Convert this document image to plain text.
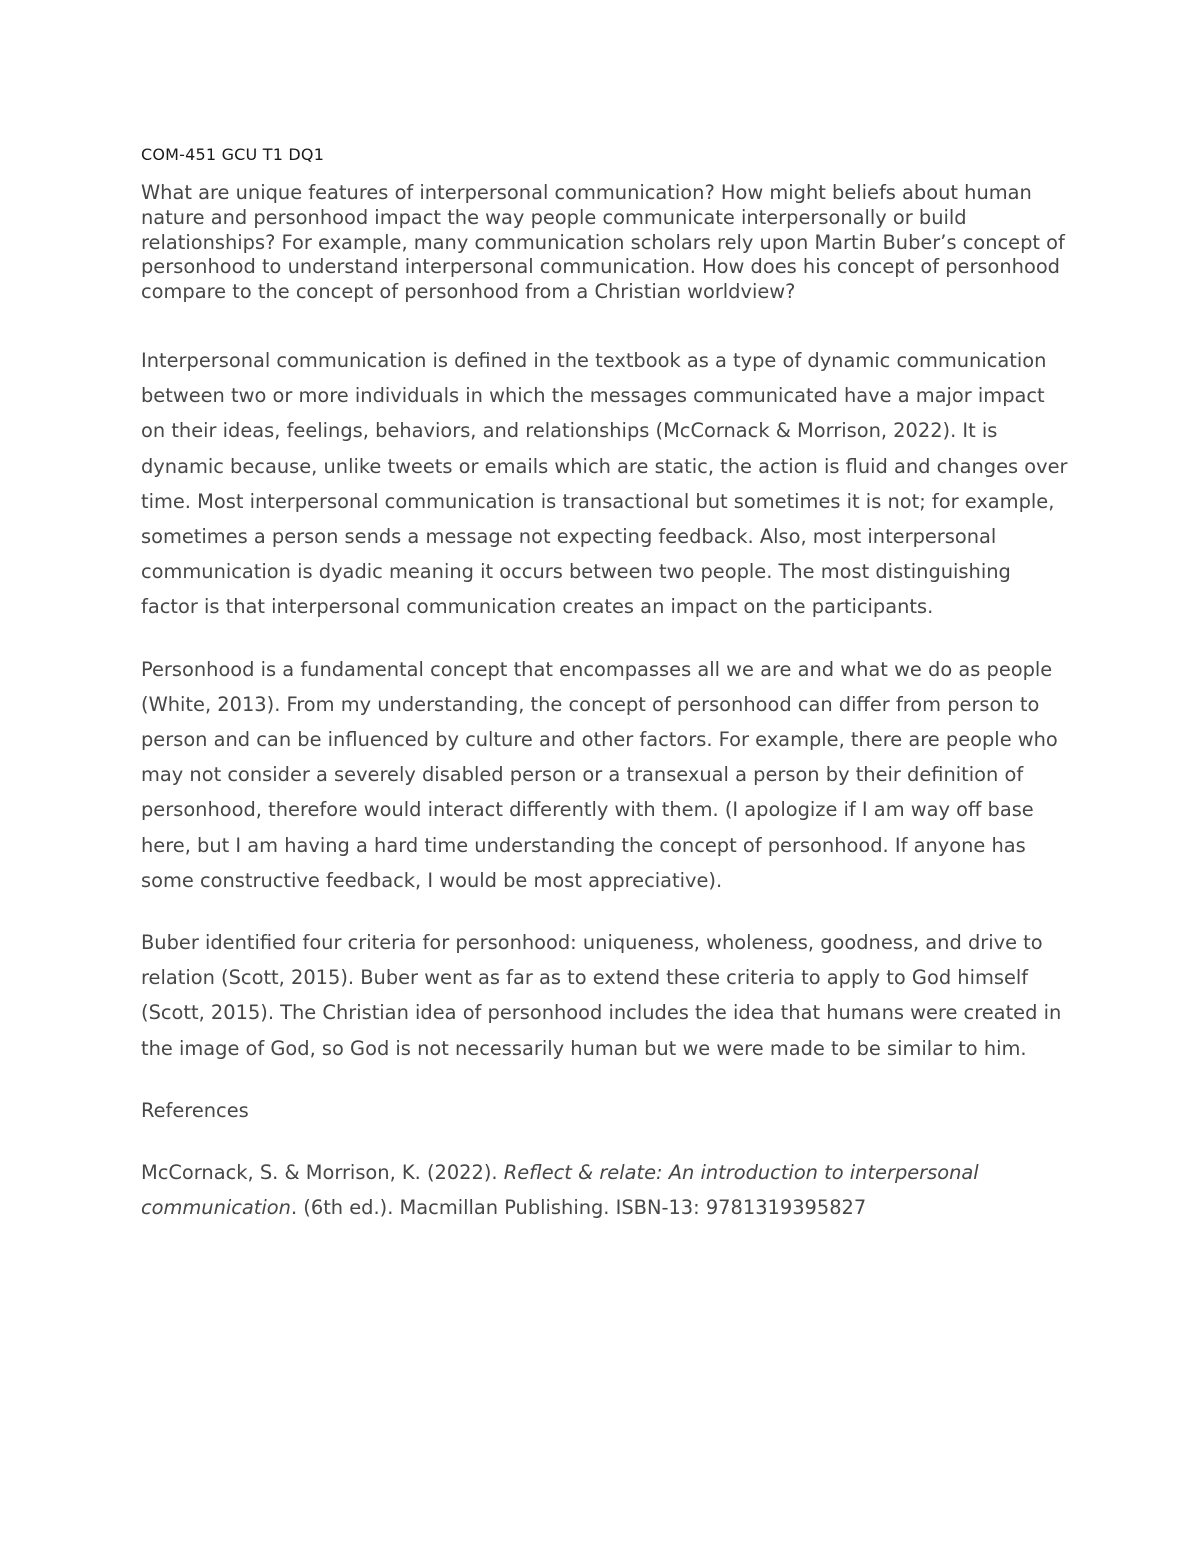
COM-451 GCU T1 DQ1

What are unique features of interpersonal communication? How might beliefs about human nature and personhood impact the way people communicate interpersonally or build relationships? For example, many communication scholars rely upon Martin Buber’s concept of personhood to understand interpersonal communication. How does his concept of personhood compare to the concept of personhood from a Christian worldview?

Interpersonal communication is defined in the textbook as a type of dynamic communication between two or more individuals in which the messages communicated have a major impact on their ideas, feelings, behaviors, and relationships (McCornack & Morrison, 2022). It is dynamic because, unlike tweets or emails which are static, the action is fluid and changes over time. Most interpersonal communication is transactional but sometimes it is not; for example, sometimes a person sends a message not expecting feedback. Also, most interpersonal communication is dyadic meaning it occurs between two people. The most distinguishing factor is that interpersonal communication creates an impact on the participants.

Personhood is a fundamental concept that encompasses all we are and what we do as people (White, 2013). From my understanding, the concept of personhood can differ from person to person and can be influenced by culture and other factors. For example, there are people who may not consider a severely disabled person or a transexual a person by their definition of personhood, therefore would interact differently with them. (I apologize if I am way off base here, but I am having a hard time understanding the concept of personhood. If anyone has some constructive feedback, I would be most appreciative).

Buber identified four criteria for personhood: uniqueness, wholeness, goodness, and drive to relation (Scott, 2015). Buber went as far as to extend these criteria to apply to God himself (Scott, 2015). The Christian idea of personhood includes the idea that humans were created in the image of God, so God is not necessarily human but we were made to be similar to him.

References

McCornack, S. & Morrison, K. (2022). Reflect & relate: An introduction to interpersonal communication. (6th ed.). Macmillan Publishing. ISBN-13: 9781319395827
